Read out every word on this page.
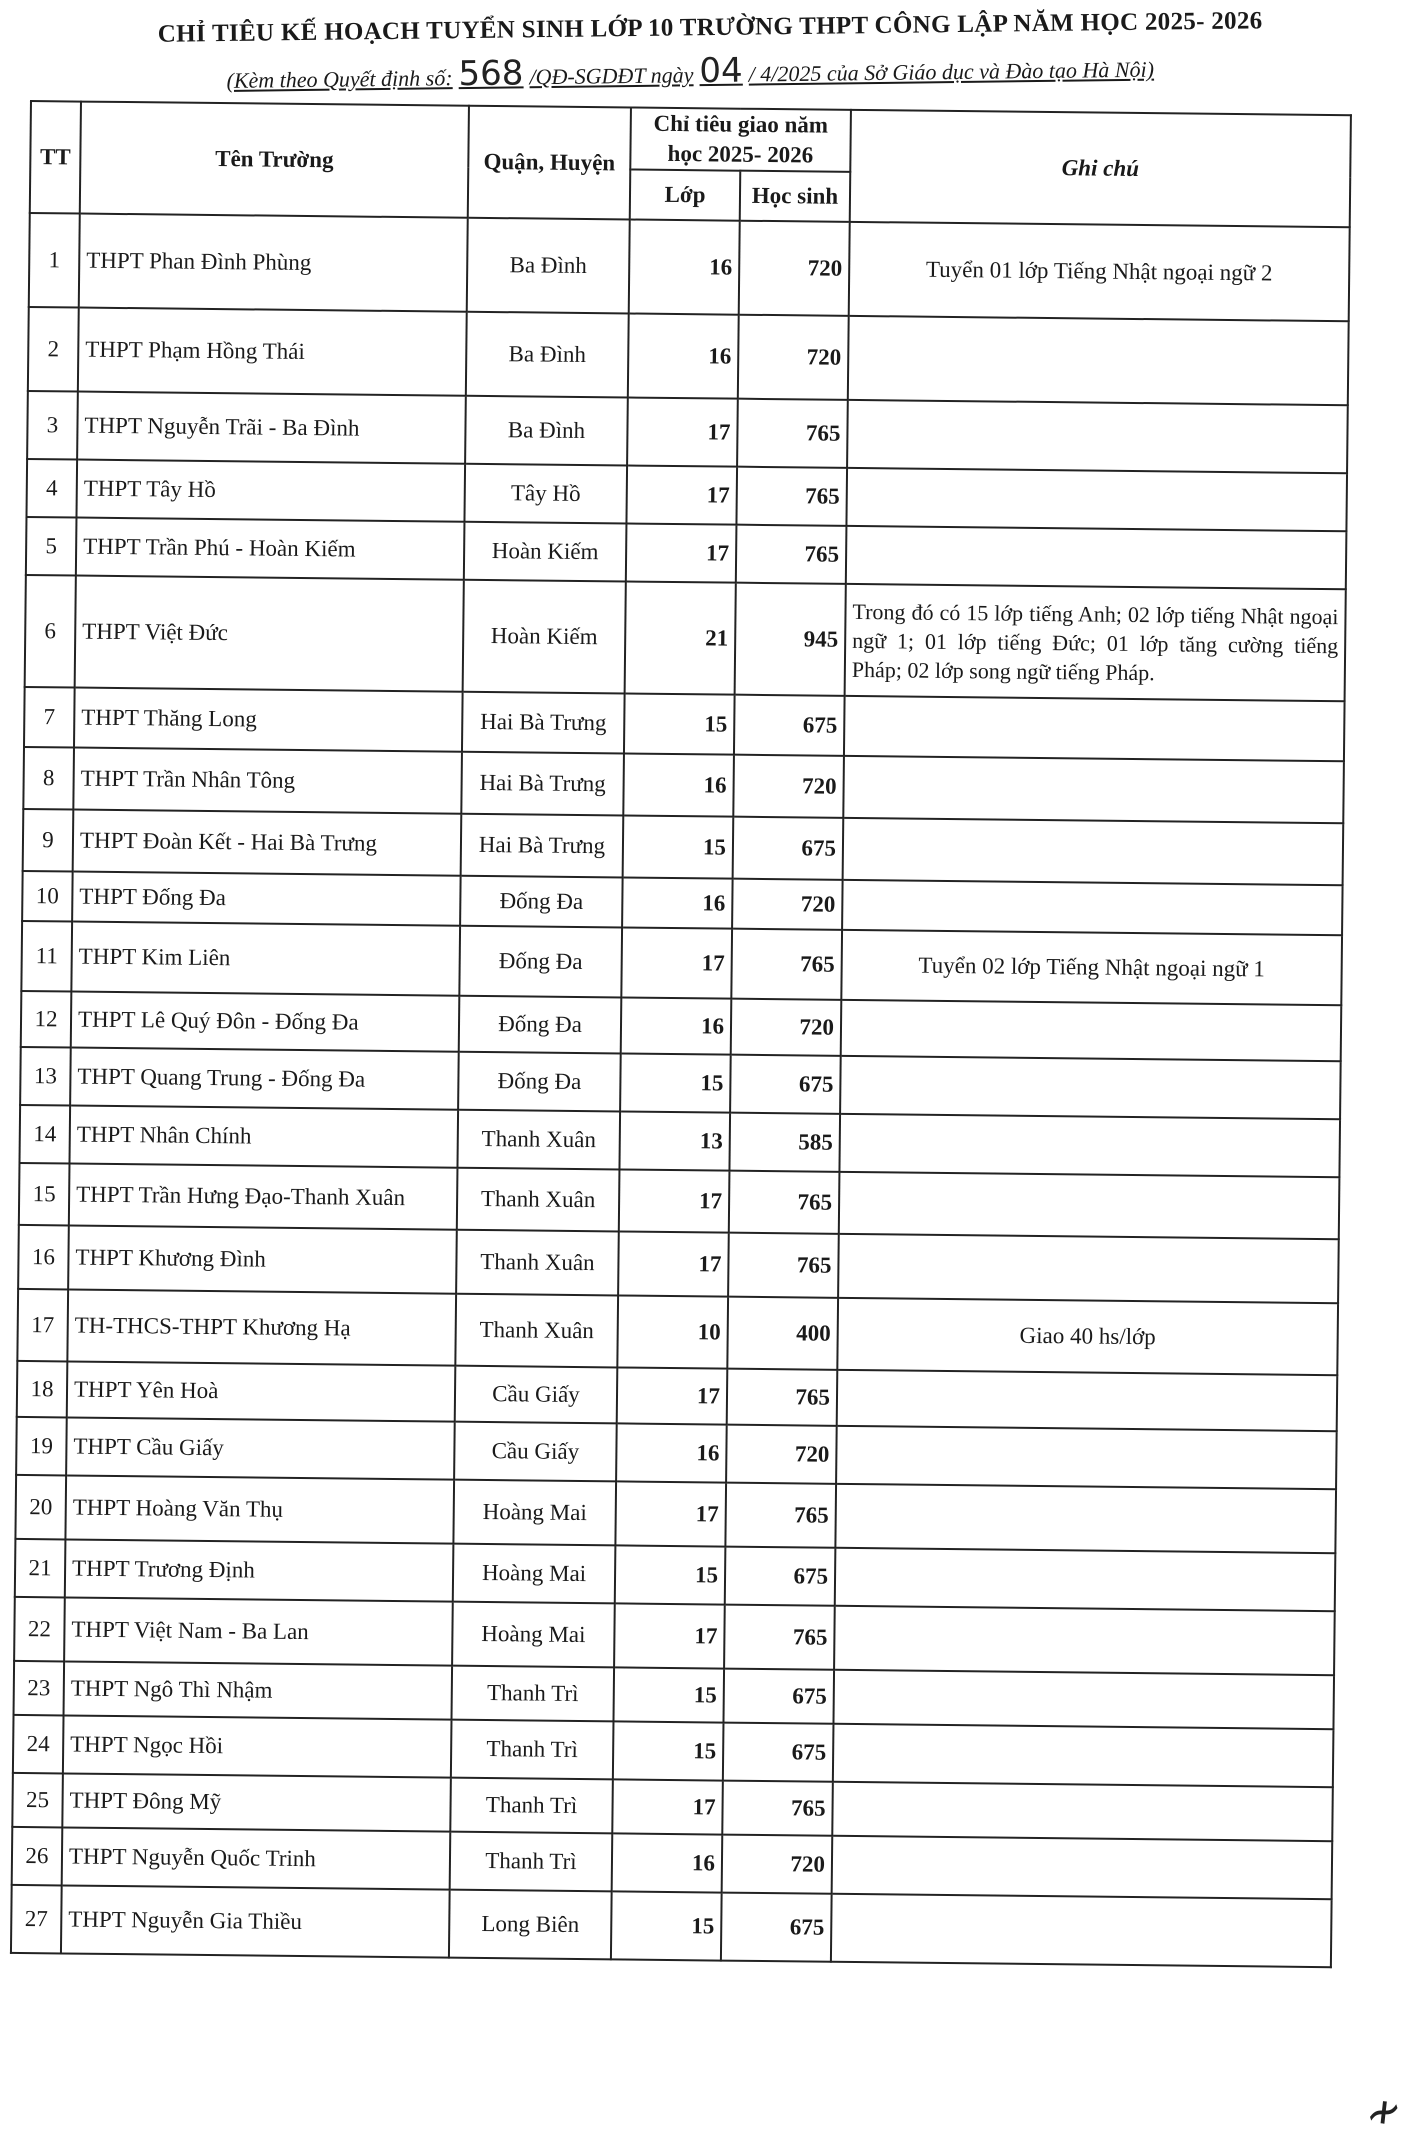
CHỈ TIÊU KẾ HOẠCH TUYỂN SINH LỚP 10 TRƯỜNG THPT CÔNG LẬP NĂM HỌC 2025- 2026
(Kèm theo Quyết định số: 568 /QĐ-SGDĐT ngày 04 / 4/2025 của Sở Giáo dục và Đào tạo Hà Nội)
TT	Tên Trường	Quận, Huyện	Chỉ tiêu giao năm học 2025- 2026		Ghi chú
			Lớp	Học sinh	
1	THPT Phan Đình Phùng	Ba Đình	16	720	Tuyển 01 lớp Tiếng Nhật ngoại ngữ 2
2	THPT Phạm Hồng Thái	Ba Đình	16	720	
3	THPT Nguyễn Trãi - Ba Đình	Ba Đình	17	765	
4	THPT Tây Hồ	Tây Hồ	17	765	
5	THPT Trần Phú - Hoàn Kiếm	Hoàn Kiếm	17	765	
6	THPT Việt Đức	Hoàn Kiếm	21	945	Trong đó có 15 lớp tiếng Anh; 02 lớp tiếng Nhật ngoại ngữ 1; 01 lớp tiếng Đức; 01 lớp tăng cường tiếng Pháp; 02 lớp song ngữ tiếng Pháp.
7	THPT Thăng Long	Hai Bà Trưng	15	675	
8	THPT Trần Nhân Tông	Hai Bà Trưng	16	720	
9	THPT Đoàn Kết - Hai Bà Trưng	Hai Bà Trưng	15	675	
10	THPT Đống Đa	Đống Đa	16	720	
11	THPT Kim Liên	Đống Đa	17	765	Tuyển 02 lớp Tiếng Nhật ngoại ngữ 1
12	THPT Lê Quý Đôn - Đống Đa	Đống Đa	16	720	
13	THPT Quang Trung - Đống Đa	Đống Đa	15	675	
14	THPT Nhân Chính	Thanh Xuân	13	585	
15	THPT Trần Hưng Đạo-Thanh Xuân	Thanh Xuân	17	765	
16	THPT Khương Đình	Thanh Xuân	17	765	
17	TH-THCS-THPT Khương Hạ	Thanh Xuân	10	400	Giao 40 hs/lớp
18	THPT Yên Hoà	Cầu Giấy	17	765	
19	THPT Cầu Giấy	Cầu Giấy	16	720	
20	THPT Hoàng Văn Thụ	Hoàng Mai	17	765	
21	THPT Trương Định	Hoàng Mai	15	675	
22	THPT Việt Nam - Ba Lan	Hoàng Mai	17	765	
23	THPT Ngô Thì Nhậm	Thanh Trì	15	675	
24	THPT Ngọc Hồi	Thanh Trì	15	675	
25	THPT Đông Mỹ	Thanh Trì	17	765	
26	THPT Nguyễn Quốc Trinh	Thanh Trì	16	720	
27	THPT Nguyễn Gia Thiều	Long Biên	15	675	
≁
